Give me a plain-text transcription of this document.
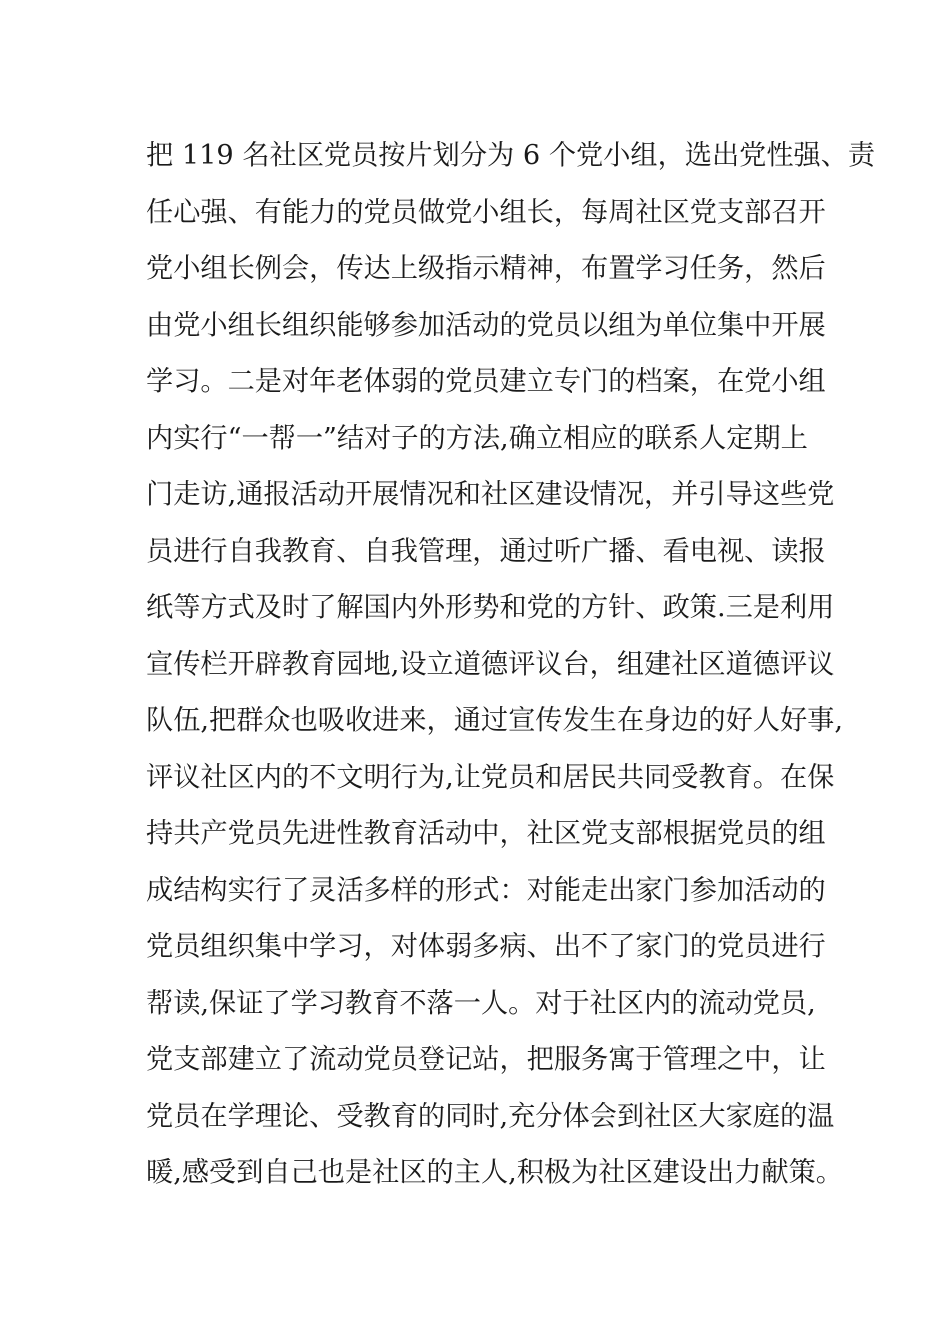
把 119 名社区党员按片划分为 6 个党小组，选出党性强、责
任心强、有能力的党员做党小组长，每周社区党支部召开
党小组长例会，传达上级指示精神，布置学习任务，然后
由党小组长组织能够参加活动的党员以组为单位集中开展
学习。二是对年老体弱的党员建立专门的档案，在党小组
内实行“一帮一”结对子的方法,确立相应的联系人定期上
门走访,通报活动开展情况和社区建设情况，并引导这些党
员进行自我教育、自我管理，通过听广播、看电视、读报
纸等方式及时了解国内外形势和党的方针、政策.三是利用
宣传栏开辟教育园地,设立道德评议台，组建社区道德评议
队伍,把群众也吸收进来，通过宣传发生在身边的好人好事,
评议社区内的不文明行为,让党员和居民共同受教育。在保
持共产党员先进性教育活动中，社区党支部根据党员的组
成结构实行了灵活多样的形式：对能走出家门参加活动的
党员组织集中学习，对体弱多病、出不了家门的党员进行
帮读,保证了学习教育不落一人。对于社区内的流动党员,
党支部建立了流动党员登记站，把服务寓于管理之中，让
党员在学理论、受教育的同时,充分体会到社区大家庭的温
暖,感受到自己也是社区的主人,积极为社区建设出力献策。
